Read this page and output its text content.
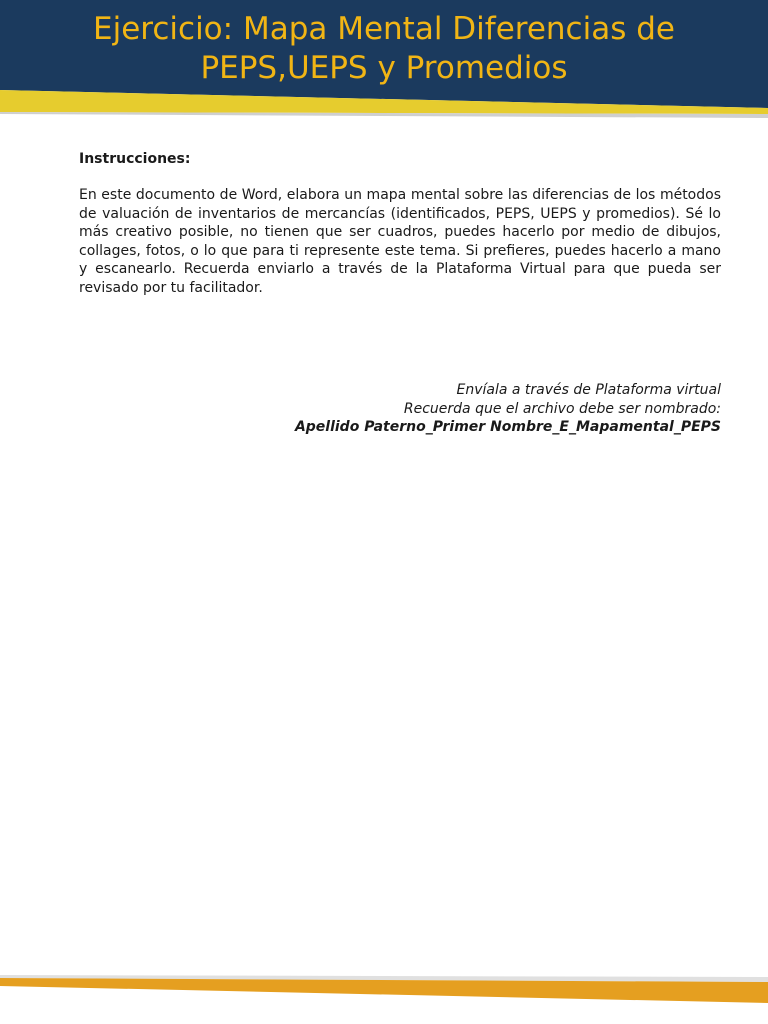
Ejercicio: Mapa Mental Diferencias de
PEPS,UEPS y Promedios

Instrucciones:

En este documento de Word, elabora un mapa mental sobre las diferencias de los métodos de valuación de inventarios de mercancías (identificados, PEPS, UEPS y promedios). Sé lo más creativo posible, no tienen que ser cuadros, puedes hacerlo por medio de dibujos, collages, fotos, o lo que para ti represente este tema. Si prefieres, puedes hacerlo a mano y escanearlo. Recuerda enviarlo a través de la Plataforma Virtual para que pueda ser revisado por tu facilitador.

Envíala a través de Plataforma virtual
Recuerda que el archivo debe ser nombrado:
Apellido Paterno_Primer Nombre_E_Mapamental_PEPS
